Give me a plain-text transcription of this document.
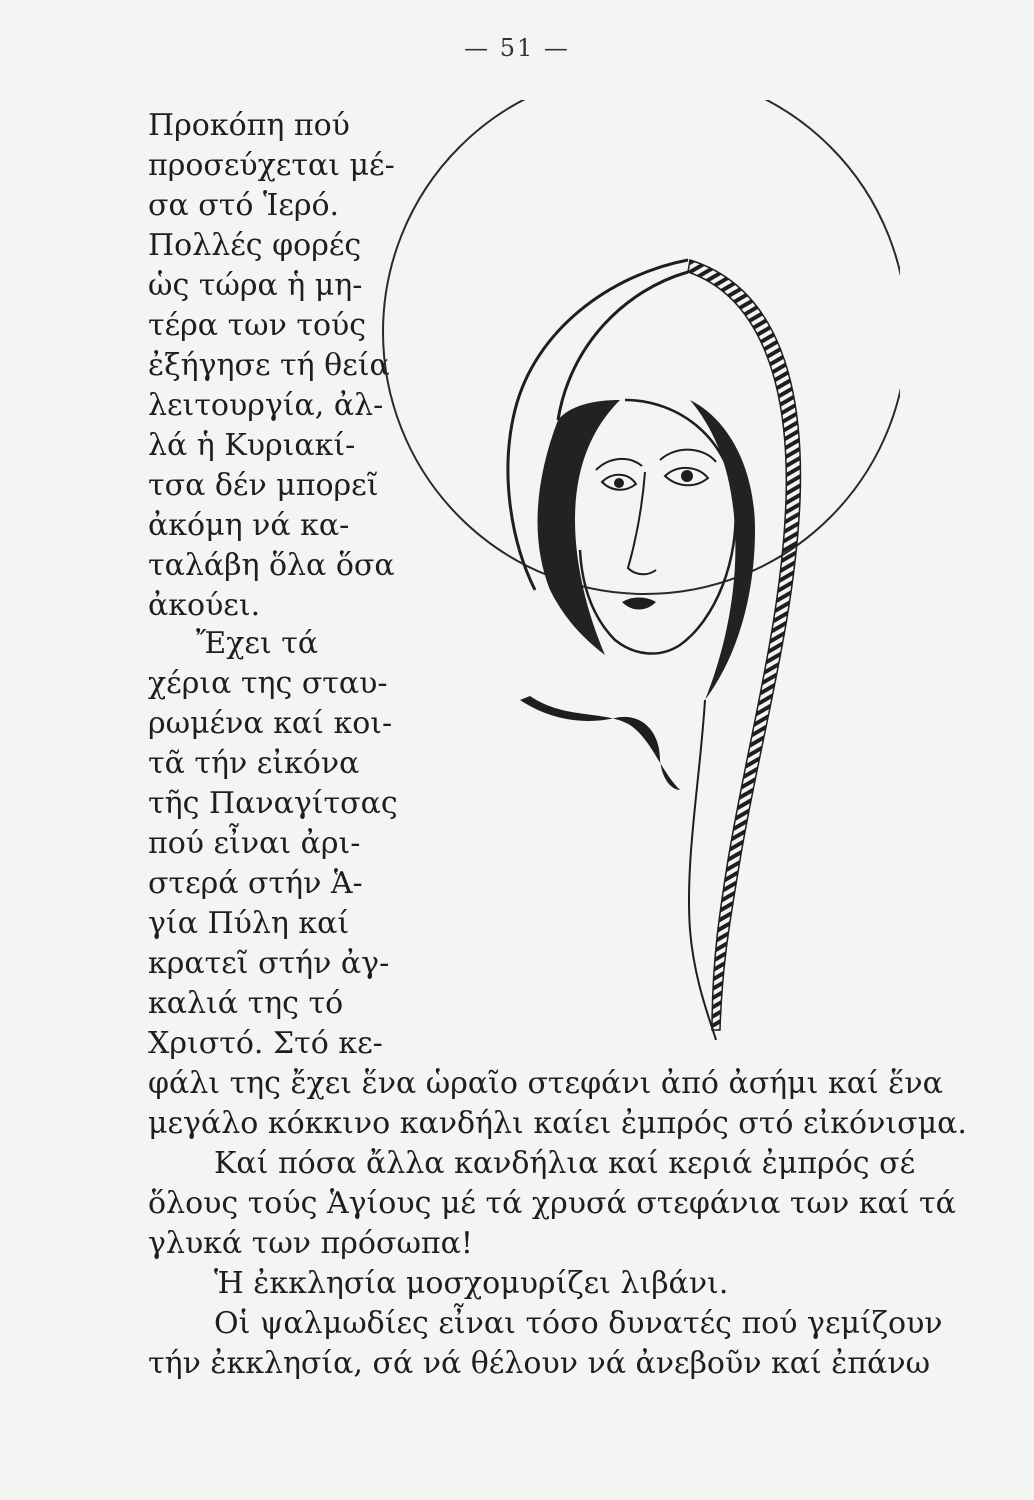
— 51 —
Προκόπη πού
προσεύχεται μέ-
σα στό Ἱερό.
Πολλές φορές
ὡς τώρα ἡ μη-
τέρα των τούς
ἐξήγησε τή θεία
λειτουργία, ἀλ-
λά ἡ Κυριακί-
τσα δέν μπορεῖ
ἀκόμη νά κα-
ταλάβη ὅλα ὅσα
ἀκούει.
Ἔχει τά
χέρια της σταυ-
ρωμένα καί κοι-
τᾶ τήν εἰκόνα
τῆς Παναγίτσας
πού εἶναι ἀρι-
στερά στήν Ἁ-
γία Πύλη καί
κρατεῖ στήν ἀγ-
καλιά της τό
Χριστό. Στό κε-
φάλι της ἔχει ἕνα ὡραῖο στεφάνι ἀπό ἀσήμι καί ἕνα
μεγάλο κόκκινο κανδήλι καίει ἐμπρός στό εἰκόνισμα.
Καί πόσα ἄλλα κανδήλια καί κεριά ἐμπρός σέ
ὅλους τούς Ἁγίους μέ τά χρυσά στεφάνια των καί τά
γλυκά των πρόσωπα!
Ἡ ἐκκλησία μοσχομυρίζει λιβάνι.
Οἱ ψαλμωδίες εἶναι τόσο δυνατές πού γεμίζουν
τήν ἐκκλησία, σά νά θέλουν νά ἀνεβοῦν καί ἐπάνω
